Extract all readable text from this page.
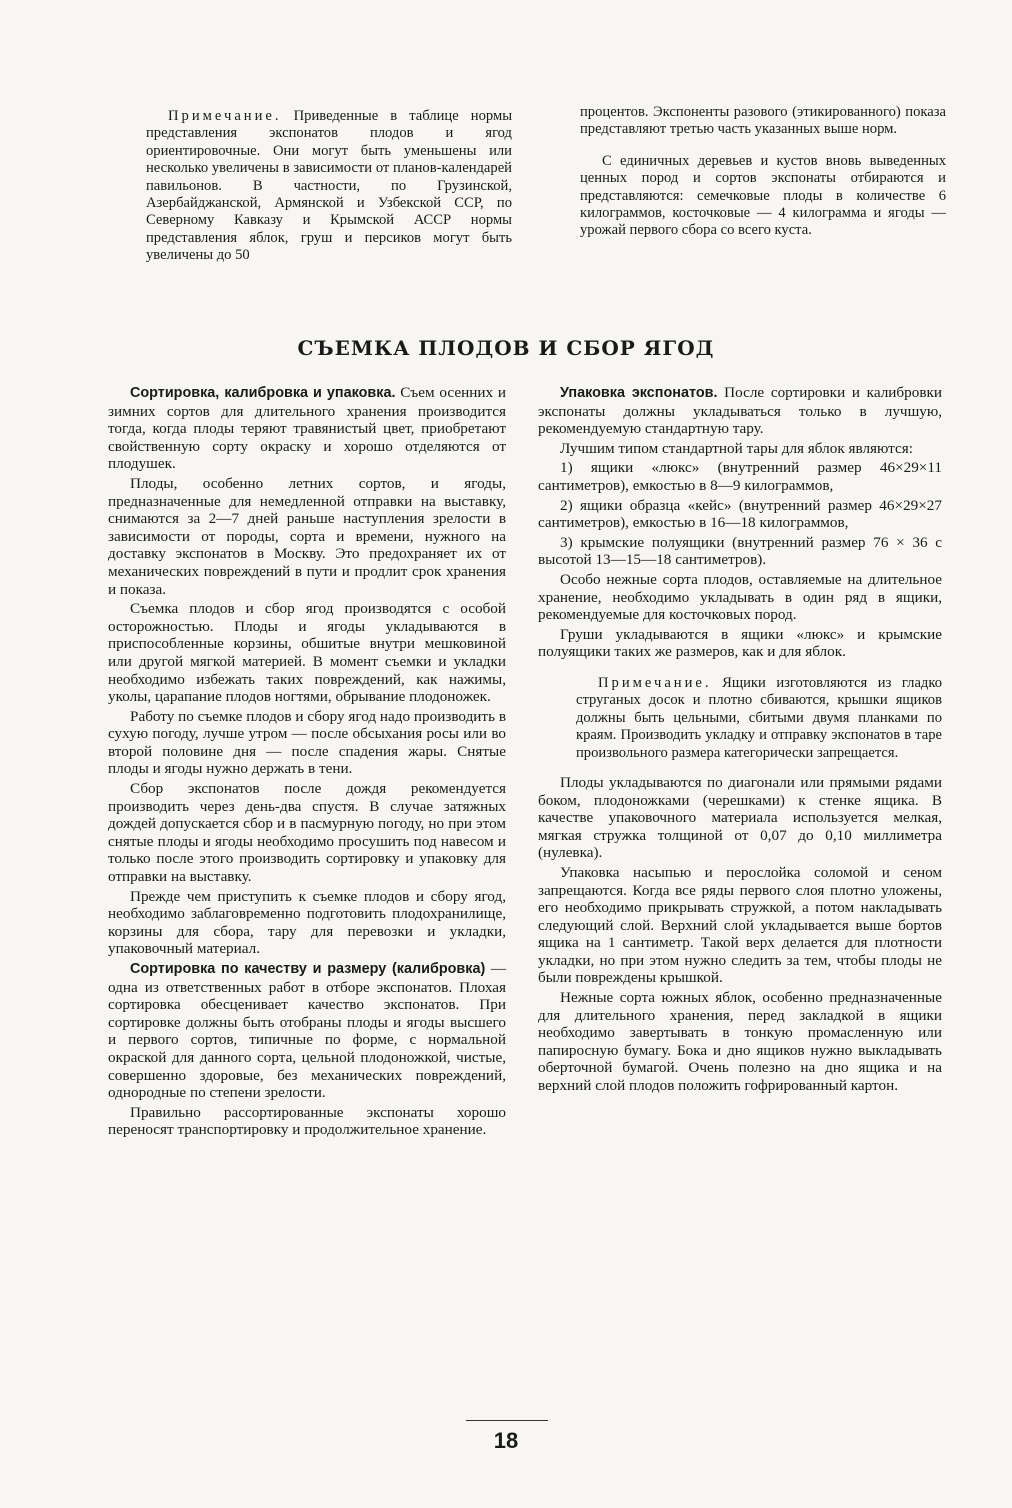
Примечание. Приведенные в таблице нормы представления экспонатов плодов и ягод ориентировочные. Они могут быть уменьшены или несколько увеличены в зависимости от планов-календарей павильонов. В частности, по Грузинской, Азербайджанской, Армянской и Узбекской ССР, по Северному Кавказу и Крымской АССР нормы представления яблок, груш и персиков могут быть увеличены до 50

процентов. Экспоненты разового (этикированного) показа представляют третью часть указанных выше норм.

С единичных деревьев и кустов вновь выведенных ценных пород и сортов экспонаты отбираются и представляются: семечковые плоды в количестве 6 килограммов, косточковые — 4 килограмма и ягоды — урожай первого сбора со всего куста.

СЪЕМКА ПЛОДОВ И СБОР ЯГОД

Сортировка, калибровка и упаковка. Съем осенних и зимних сортов для длительного хранения производится тогда, когда плоды теряют травянистый цвет, приобретают свойственную сорту окраску и хорошо отделяются от плодушек.

Плоды, особенно летних сортов, и ягоды, предназначенные для немедленной отправки на выставку, снимаются за 2—7 дней раньше наступления зрелости в зависимости от породы, сорта и времени, нужного на доставку экспонатов в Москву. Это предохраняет их от механических повреждений в пути и продлит срок хранения и показа.

Съемка плодов и сбор ягод производятся с особой осторожностью. Плоды и ягоды укладываются в приспособленные корзины, обшитые внутри мешковиной или другой мягкой материей. В момент съемки и укладки необходимо избежать таких повреждений, как нажимы, уколы, царапание плодов ногтями, обрывание плодоножек.

Работу по съемке плодов и сбору ягод надо производить в сухую погоду, лучше утром — после обсыхания росы или во второй половине дня — после спадения жары. Снятые плоды и ягоды нужно держать в тени.

Сбор экспонатов после дождя рекомендуется производить через день-два спустя. В случае затяжных дождей допускается сбор и в пасмурную погоду, но при этом снятые плоды и ягоды необходимо просушить под навесом и только после этого производить сортировку и упаковку для отправки на выставку.

Прежде чем приступить к съемке плодов и сбору ягод, необходимо заблаговременно подготовить плодохранилище, корзины для сбора, тару для перевозки и укладки, упаковочный материал.

Сортировка по качеству и размеру (калибровка) — одна из ответственных работ в отборе экспонатов. Плохая сортировка обесценивает качество экспонатов. При сортировке должны быть отобраны плоды и ягоды высшего и первого сортов, типичные по форме, с нормальной окраской для данного сорта, цельной плодоножкой, чистые, совершенно здоровые, без механических повреждений, однородные по степени зрелости.

Правильно рассортированные экспонаты хорошо переносят транспортировку и продолжительное хранение.

Упаковка экспонатов. После сортировки и калибровки экспонаты должны укладываться только в лучшую, рекомендуемую стандартную тару.

Лучшим типом стандартной тары для яблок являются:

1) ящики «люкс» (внутренний размер 46×29×11 сантиметров), емкостью в 8—9 килограммов,

2) ящики образца «кейс» (внутренний размер 46×29×27 сантиметров), емкостью в 16—18 килограммов,

3) крымские полуящики (внутренний размер 76 × 36 с высотой 13—15—18 сантиметров).

Особо нежные сорта плодов, оставляемые на длительное хранение, необходимо укладывать в один ряд в ящики, рекомендуемые для косточковых пород.

Груши укладываются в ящики «люкс» и крымские полуящики таких же размеров, как и для яблок.

Примечание. Ящики изготовляются из гладко струганых досок и плотно сбиваются, крышки ящиков должны быть цельными, сбитыми двумя планками по краям. Производить укладку и отправку экспонатов в таре произвольного размера категорически запрещается.

Плоды укладываются по диагонали или прямыми рядами боком, плодоножками (черешками) к стенке ящика. В качестве упаковочного материала используется мелкая, мягкая стружка толщиной от 0,07 до 0,10 миллиметра (нулевка).

Упаковка насыпью и перослойка соломой и сеном запрещаются. Когда все ряды первого слоя плотно уложены, его необходимо прикрывать стружкой, а потом накладывать следующий слой. Верхний слой укладывается выше бортов ящика на 1 сантиметр. Такой верх делается для плотности укладки, но при этом нужно следить за тем, чтобы плоды не были повреждены крышкой.

Нежные сорта южных яблок, особенно предназначенные для длительного хранения, перед закладкой в ящики необходимо завертывать в тонкую промасленную или папиросную бумагу. Бока и дно ящиков нужно выкладывать оберточной бумагой. Очень полезно на дно ящика и на верхний слой плодов положить гофрированный картон.

18
